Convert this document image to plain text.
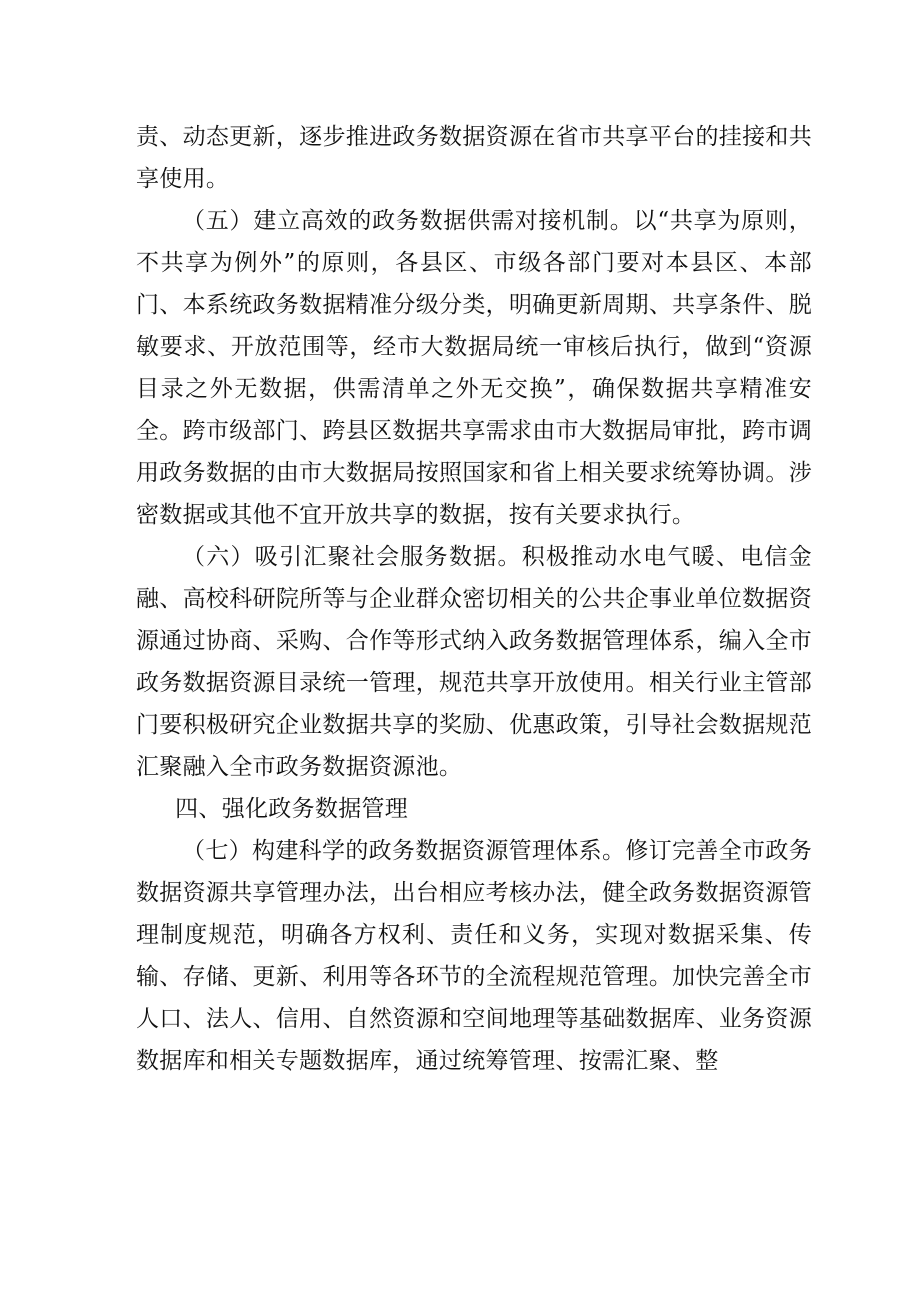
责、动态更新，逐步推进政务数据资源在省市共享平台的挂接和共享使用。

（五）建立高效的政务数据供需对接机制。以“共享为原则，不共享为例外”的原则，各县区、市级各部门要对本县区、本部门、本系统政务数据精准分级分类，明确更新周期、共享条件、脱敏要求、开放范围等，经市大数据局统一审核后执行，做到“资源目录之外无数据，供需清单之外无交换”，确保数据共享精准安全。跨市级部门、跨县区数据共享需求由市大数据局审批，跨市调用政务数据的由市大数据局按照国家和省上相关要求统筹协调。涉密数据或其他不宜开放共享的数据，按有关要求执行。

（六）吸引汇聚社会服务数据。积极推动水电气暖、电信金融、高校科研院所等与企业群众密切相关的公共企事业单位数据资源通过协商、采购、合作等形式纳入政务数据管理体系，编入全市政务数据资源目录统一管理，规范共享开放使用。相关行业主管部门要积极研究企业数据共享的奖励、优惠政策，引导社会数据规范汇聚融入全市政务数据资源池。

四、强化政务数据管理

（七）构建科学的政务数据资源管理体系。修订完善全市政务数据资源共享管理办法，出台相应考核办法，健全政务数据资源管理制度规范，明确各方权利、责任和义务，实现对数据采集、传输、存储、更新、利用等各环节的全流程规范管理。加快完善全市人口、法人、信用、自然资源和空间地理等基础数据库、业务资源数据库和相关专题数据库，通过统筹管理、按需汇聚、整
